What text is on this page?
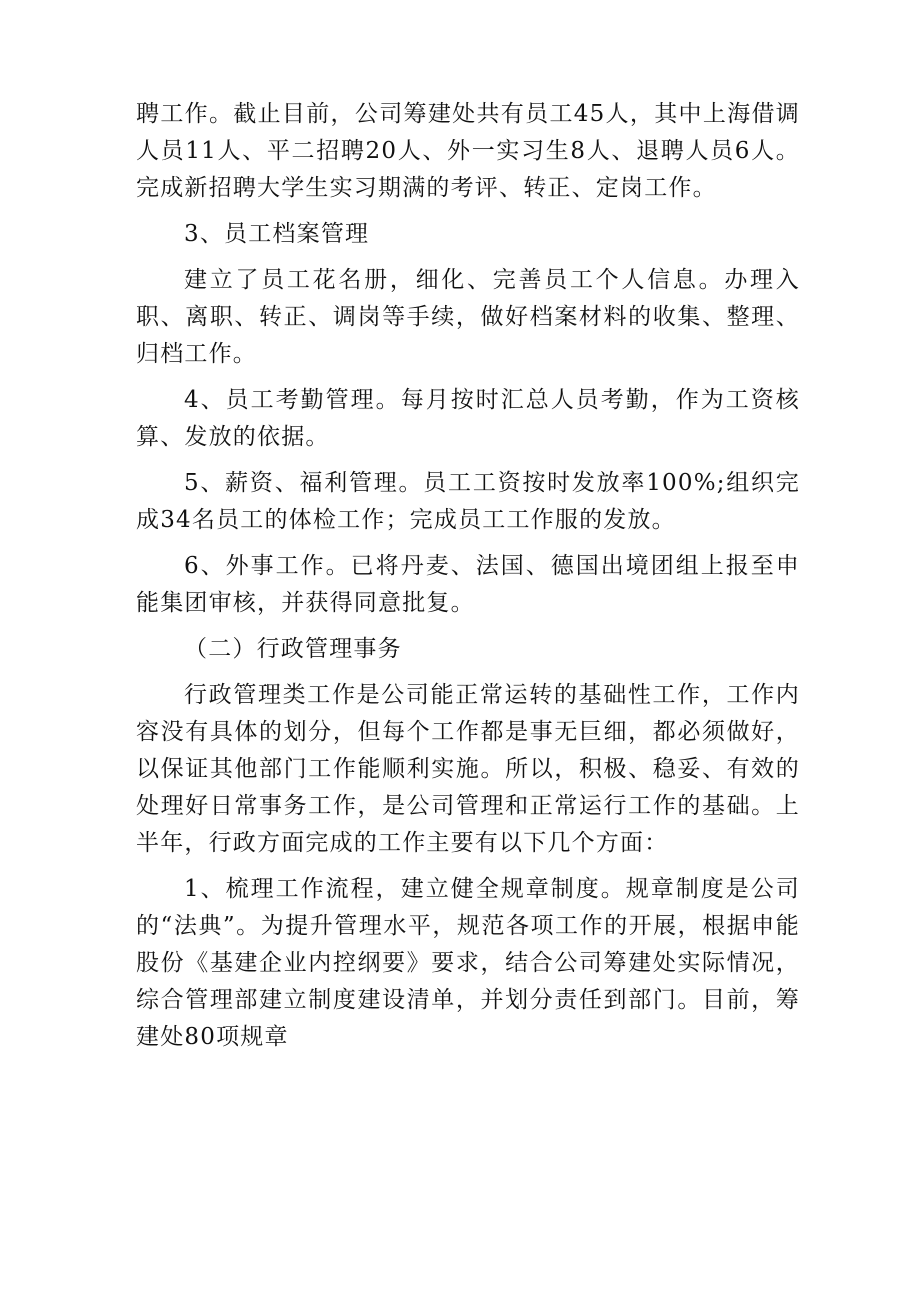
聘工作。截止目前，公司筹建处共有员工45人，其中上海借调人员11人、平二招聘20人、外一实习生8人、退聘人员6人。完成新招聘大学生实习期满的考评、转正、定岗工作。

3、员工档案管理

建立了员工花名册，细化、完善员工个人信息。办理入职、离职、转正、调岗等手续，做好档案材料的收集、整理、归档工作。

4、员工考勤管理。每月按时汇总人员考勤，作为工资核算、发放的依据。

5、薪资、福利管理。员工工资按时发放率100%;组织完成34名员工的体检工作；完成员工工作服的发放。

6、外事工作。已将丹麦、法国、德国出境团组上报至申能集团审核，并获得同意批复。

（二）行政管理事务

行政管理类工作是公司能正常运转的基础性工作，工作内容没有具体的划分，但每个工作都是事无巨细，都必须做好，以保证其他部门工作能顺利实施。所以，积极、稳妥、有效的处理好日常事务工作，是公司管理和正常运行工作的基础。上半年，行政方面完成的工作主要有以下几个方面：

1、梳理工作流程，建立健全规章制度。规章制度是公司的“法典”。为提升管理水平，规范各项工作的开展，根据申能股份《基建企业内控纲要》要求，结合公司筹建处实际情况，综合管理部建立制度建设清单，并划分责任到部门。目前，筹建处80项规章
